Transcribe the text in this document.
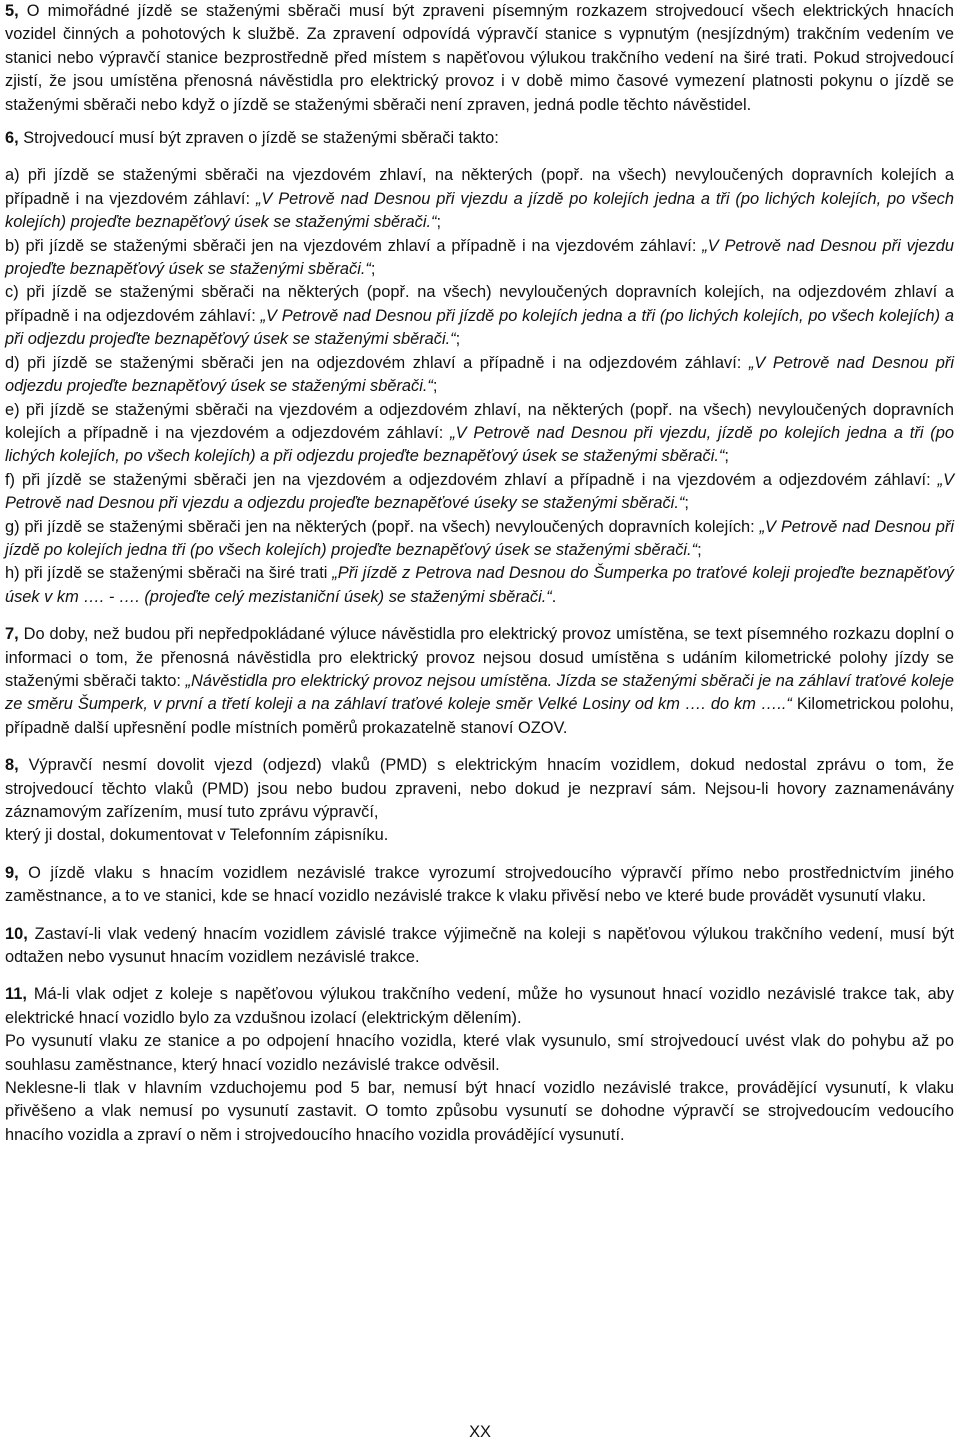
5, O mimořádné jízdě se staženými sběrači musí být zpraveni písemným rozkazem strojvedoucí všech elektrických hnacích vozidel činných a pohotových k službě. Za zpravení odpovídá výpravčí stanice s vypnutým (nesjízdným) trakčním vedením ve stanici nebo výpravčí stanice bezprostředně před místem s napěťovou výlukou trakčního vedení na širé trati. Pokud strojvedoucí zjistí, že jsou umístěna přenosná návěstidla pro elektrický provoz i v době mimo časové vymezení platnosti pokynu o jízdě se staženými sběrači nebo když o jízdě se staženými sběrači není zpraven, jedná podle těchto návěstidel.

6, Strojvedoucí musí být zpraven o jízdě se staženými sběrači takto:

a) při jízdě se staženými sběrači na vjezdovém zhlaví, na některých (popř. na všech) nevyloučených dopravních kolejích a případně i na vjezdovém záhlaví: „V Petrově nad Desnou při vjezdu a jízdě po kolejích jedna a tři (po lichých kolejích, po všech kolejích) projeďte beznapěťový úsek se staženými sběrači.“;

b) při jízdě se staženými sběrači jen na vjezdovém zhlaví a případně i na vjezdovém záhlaví: „V Petrově nad Desnou při vjezdu projeďte beznapěťový úsek se staženými sběrači.“;

c) při jízdě se staženými sběrači na některých (popř. na všech) nevyloučených dopravních kolejích, na odjezdovém zhlaví a případně i na odjezdovém záhlaví: „V Petrově nad Desnou při jízdě po kolejích jedna a tři (po lichých kolejích, po všech kolejích) a při odjezdu projeďte beznapěťový úsek se staženými sběrači.“;

d) při jízdě se staženými sběrači jen na odjezdovém zhlaví a případně i na odjezdovém záhlaví: „V Petrově nad Desnou při odjezdu projeďte beznapěťový úsek se staženými sběrači.“;

e) při jízdě se staženými sběrači na vjezdovém a odjezdovém zhlaví, na některých (popř. na všech) nevyloučených dopravních kolejích a případně i na vjezdovém a odjezdovém záhlaví: „V Petrově nad Desnou při vjezdu, jízdě po kolejích jedna a tři (po lichých kolejích, po všech kolejích) a při odjezdu projeďte beznapěťový úsek se staženými sběrači.“;

f) při jízdě se staženými sběrači jen na vjezdovém a odjezdovém zhlaví a případně i na vjezdovém a odjezdovém záhlaví: „V Petrově nad Desnou při vjezdu a odjezdu projeďte beznapěťové úseky se staženými sběrači.“;

g) při jízdě se staženými sběrači jen na některých (popř. na všech) nevyloučených dopravních kolejích: „V Petrově nad Desnou při jízdě po kolejích jedna tři (po všech kolejích) projeďte beznapěťový úsek se staženými sběrači.“;

h) při jízdě se staženými sběrači na širé trati „Při jízdě z Petrova nad Desnou do Šumperka po traťové koleji projeďte beznapěťový úsek v km …. - …. (projeďte celý mezistaniční úsek) se staženými sběrači.“.

7, Do doby, než budou při nepředpokládané výluce návěstidla pro elektrický provoz umístěna, se text písemného rozkazu doplní o informaci o tom, že přenosná návěstidla pro elektrický provoz nejsou dosud umístěna s udáním kilometrické polohy jízdy se staženými sběrači takto: „Návěstidla pro elektrický provoz nejsou umístěna. Jízda se staženými sběrači je na záhlaví traťové koleje ze směru Šumperk, v první a třetí koleji a na záhlaví traťové koleje směr Velké Losiny od km …. do km …..“ Kilometrickou polohu, případně další upřesnění podle místních poměrů prokazatelně stanoví OZOV.

8, Výpravčí nesmí dovolit vjezd (odjezd) vlaků (PMD) s elektrickým hnacím vozidlem, dokud nedostal zprávu o tom, že strojvedoucí těchto vlaků (PMD) jsou nebo budou zpraveni, nebo dokud je nezpraví sám. Nejsou-li hovory zaznamenávány záznamovým zařízením, musí tuto zprávu výpravčí,
který ji dostal, dokumentovat v Telefonním zápisníku.

9, O jízdě vlaku s hnacím vozidlem nezávislé trakce vyrozumí strojvedoucího výpravčí přímo nebo prostřednictvím jiného zaměstnance, a to ve stanici, kde se hnací vozidlo nezávislé trakce k vlaku přivěsí nebo ve které bude provádět vysunutí vlaku.

10, Zastaví-li vlak vedený hnacím vozidlem závislé trakce výjimečně na koleji s napěťovou výlukou trakčního vedení, musí být odtažen nebo vysunut hnacím vozidlem nezávislé trakce.

11, Má-li vlak odjet z koleje s napěťovou výlukou trakčního vedení, může ho vysunout hnací vozidlo nezávislé trakce tak, aby elektrické hnací vozidlo bylo za vzdušnou izolací (elektrickým dělením).

Po vysunutí vlaku ze stanice a po odpojení hnacího vozidla, které vlak vysunulo, smí strojvedoucí uvést vlak do pohybu až po souhlasu zaměstnance, který hnací vozidlo nezávislé trakce odvěsil.

Neklesne-li tlak v hlavním vzduchojemu pod 5 bar, nemusí být hnací vozidlo nezávislé trakce, provádějící vysunutí, k vlaku přivěšeno a vlak nemusí po vysunutí zastavit. O tomto způsobu vysunutí se dohodne výpravčí se strojvedoucím vedoucího hnacího vozidla a zpraví o něm i strojvedoucího hnacího vozidla provádějící vysunutí.

XX
